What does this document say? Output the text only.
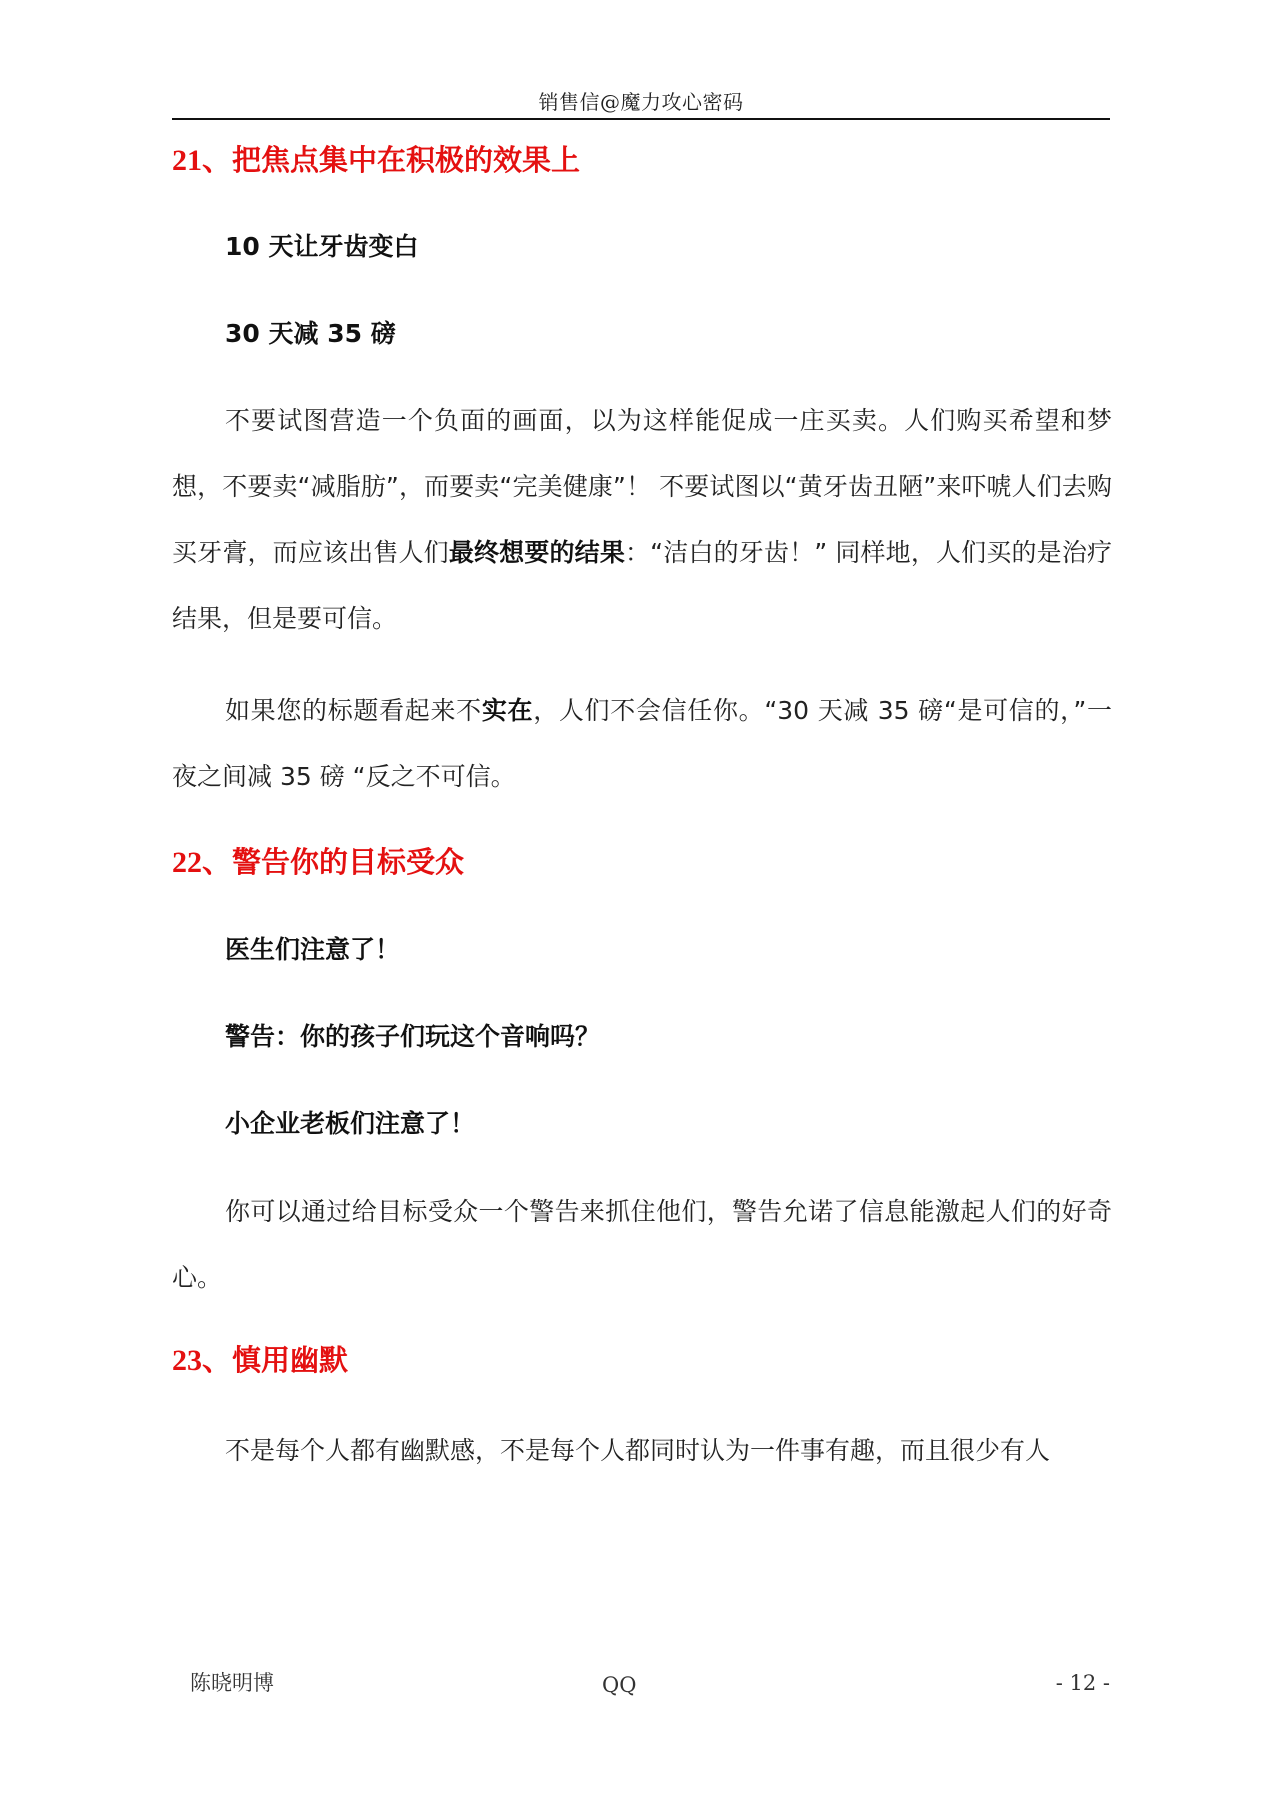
销售信@魔力攻心密码
21、把焦点集中在积极的效果上

10 天让牙齿变白

30 天减 35 磅

不要试图营造一个负面的画面，以为这样能促成一庄买卖。人们购买希望和梦想，不要卖“减脂肪”，而要卖“完美健康”！ 不要试图以“黄牙齿丑陋”来吓唬人们去购买牙膏，而应该出售人们最终想要的结果：“洁白的牙齿！” 同样地，人们买的是治疗结果，但是要可信。

如果您的标题看起来不实在，人们不会信任你。“30 天减 35 磅“是可信的，”一夜之间减 35 磅 “反之不可信。

22、警告你的目标受众

医生们注意了！

警告：你的孩子们玩这个音响吗？

小企业老板们注意了！

你可以通过给目标受众一个警告来抓住他们，警告允诺了信息能激起人们的好奇心。

23、慎用幽默

不是每个人都有幽默感，不是每个人都同时认为一件事有趣，而且很少有人

陈晓明博	QQ	- 12 -
